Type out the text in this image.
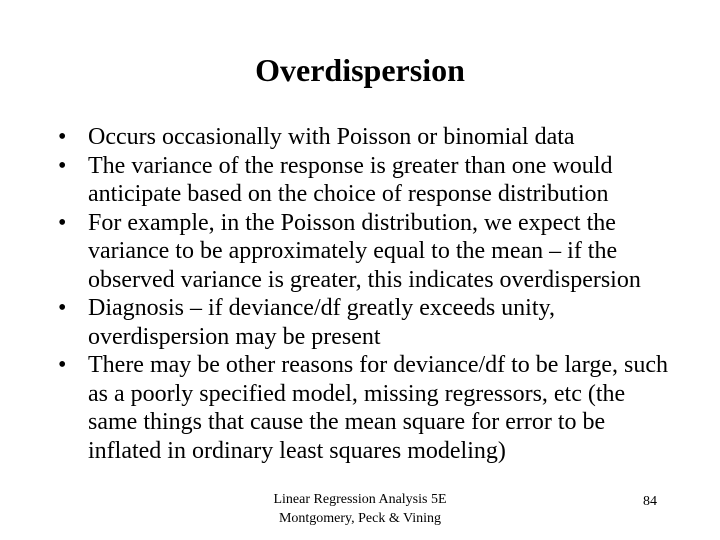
Overdispersion
• Occurs occasionally with Poisson or binomial data
• The variance of the response is greater than one would anticipate based on the choice of response distribution
• For example, in the Poisson distribution, we expect the variance to be approximately equal to the mean – if the observed variance is greater, this indicates overdispersion
• Diagnosis – if deviance/df greatly exceeds unity, overdispersion may be present
• There may be other reasons for deviance/df to be large, such as a poorly specified model, missing regressors, etc (the same things that cause the mean square for error to be inflated in ordinary least squares modeling)
Linear Regression Analysis 5E
Montgomery, Peck & Vining
84
